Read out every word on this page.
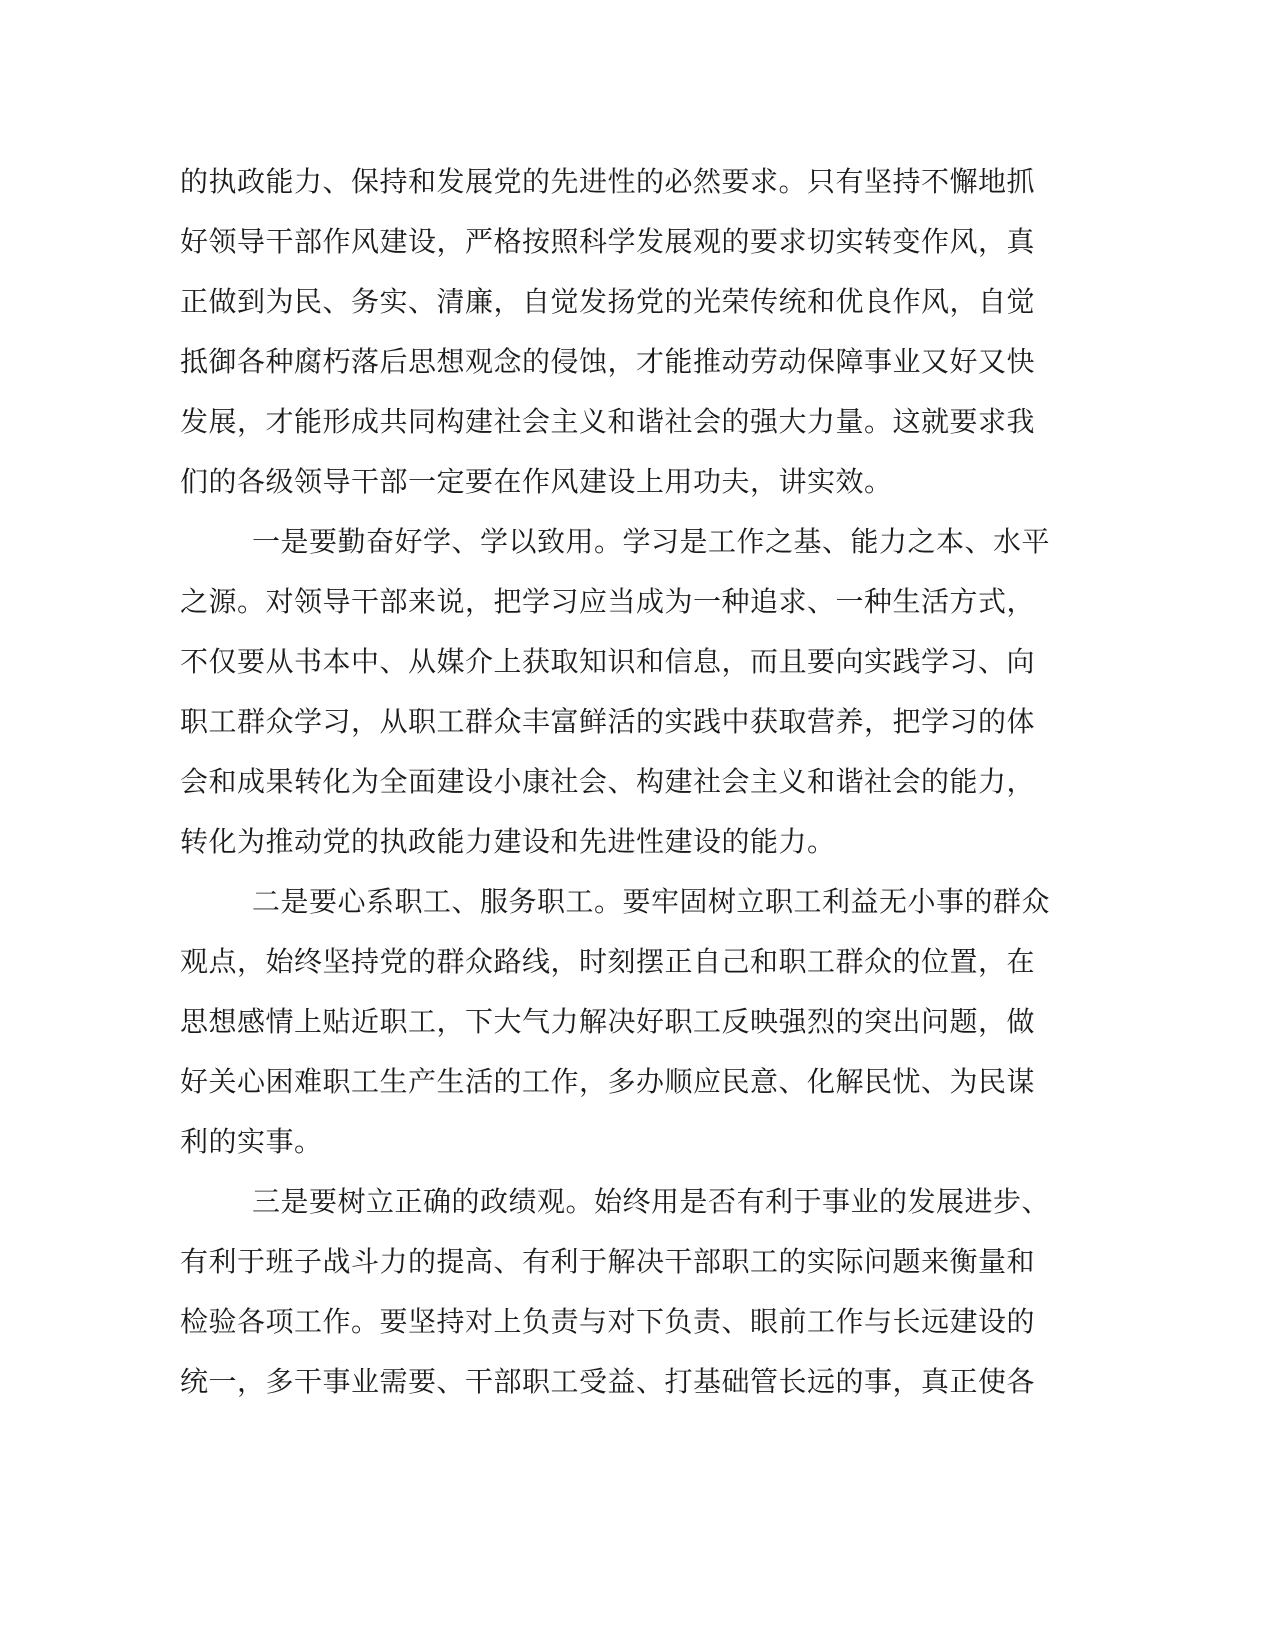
的执政能力、保持和发展党的先进性的必然要求。只有坚持不懈地抓
好领导干部作风建设，严格按照科学发展观的要求切实转变作风，真
正做到为民、务实、清廉，自觉发扬党的光荣传统和优良作风，自觉
抵御各种腐朽落后思想观念的侵蚀，才能推动劳动保障事业又好又快
发展，才能形成共同构建社会主义和谐社会的强大力量。这就要求我
们的各级领导干部一定要在作风建设上用功夫，讲实效。

一是要勤奋好学、学以致用。学习是工作之基、能力之本、水平
之源。对领导干部来说，把学习应当成为一种追求、一种生活方式，
不仅要从书本中、从媒介上获取知识和信息，而且要向实践学习、向
职工群众学习，从职工群众丰富鲜活的实践中获取营养，把学习的体
会和成果转化为全面建设小康社会、构建社会主义和谐社会的能力，
转化为推动党的执政能力建设和先进性建设的能力。

二是要心系职工、服务职工。要牢固树立职工利益无小事的群众
观点，始终坚持党的群众路线，时刻摆正自己和职工群众的位置，在
思想感情上贴近职工，下大气力解决好职工反映强烈的突出问题，做
好关心困难职工生产生活的工作，多办顺应民意、化解民忧、为民谋
利的实事。

三是要树立正确的政绩观。始终用是否有利于事业的发展进步、
有利于班子战斗力的提高、有利于解决干部职工的实际问题来衡量和
检验各项工作。要坚持对上负责与对下负责、眼前工作与长远建设的
统一，多干事业需要、干部职工受益、打基础管长远的事，真正使各
